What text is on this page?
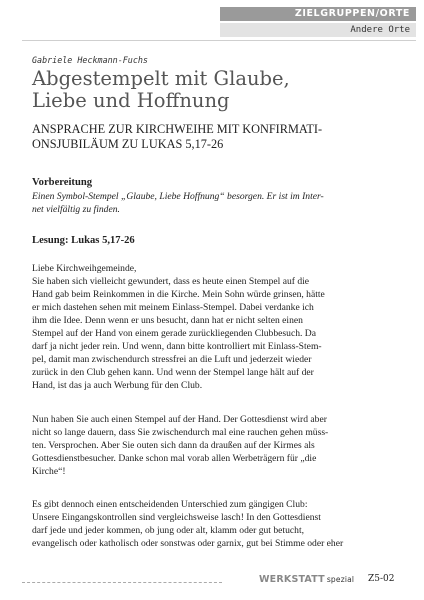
ZIELGRUPPEN/ORTE
Andere Orte
Gabriele Heckmann-Fuchs
Abgestempelt mit Glaube,
Liebe und Hoffnung
ANSPRACHE ZUR KIRCHWEIHE MIT KONFIRMATI-
ONSJUBILÄUM ZU LUKAS 5,17-26
Vorbereitung
Einen Symbol-Stempel „Glaube, Liebe Hoffnung“ besorgen. Er ist im Inter-
net vielfältig zu finden.
Lesung: Lukas 5,17-26
Liebe Kirchweihgemeinde,
Sie haben sich vielleicht gewundert, dass es heute einen Stempel auf die
Hand gab beim Reinkommen in die Kirche. Mein Sohn würde grinsen, hätte
er mich dastehen sehen mit meinem Einlass-Stempel. Dabei verdanke ich
ihm die Idee. Denn wenn er uns besucht, dann hat er nicht selten einen
Stempel auf der Hand von einem gerade zurückliegenden Clubbesuch. Da
darf ja nicht jeder rein. Und wenn, dann bitte kontrolliert mit Einlass-Stem-
pel, damit man zwischendurch stressfrei an die Luft und jederzeit wieder
zurück in den Club gehen kann. Und wenn der Stempel lange hält auf der
Hand, ist das ja auch Werbung für den Club.
Nun haben Sie auch einen Stempel auf der Hand. Der Gottesdienst wird aber
nicht so lange dauern, dass Sie zwischendurch mal eine rauchen gehen müss-
ten. Versprochen. Aber Sie outen sich dann da draußen auf der Kirmes als
Gottesdienstbesucher. Danke schon mal vorab allen Werbeträgern für „die
Kirche“!
Es gibt dennoch einen entscheidenden Unterschied zum gängigen Club:
Unsere Eingangskontrollen sind vergleichsweise lasch! In den Gottesdienst
darf jede und jeder kommen, ob jung oder alt, klamm oder gut betucht,
evangelisch oder katholisch oder sonstwas oder garnix, gut bei Stimme oder eher
WERKSTATT spezial Z5-02
